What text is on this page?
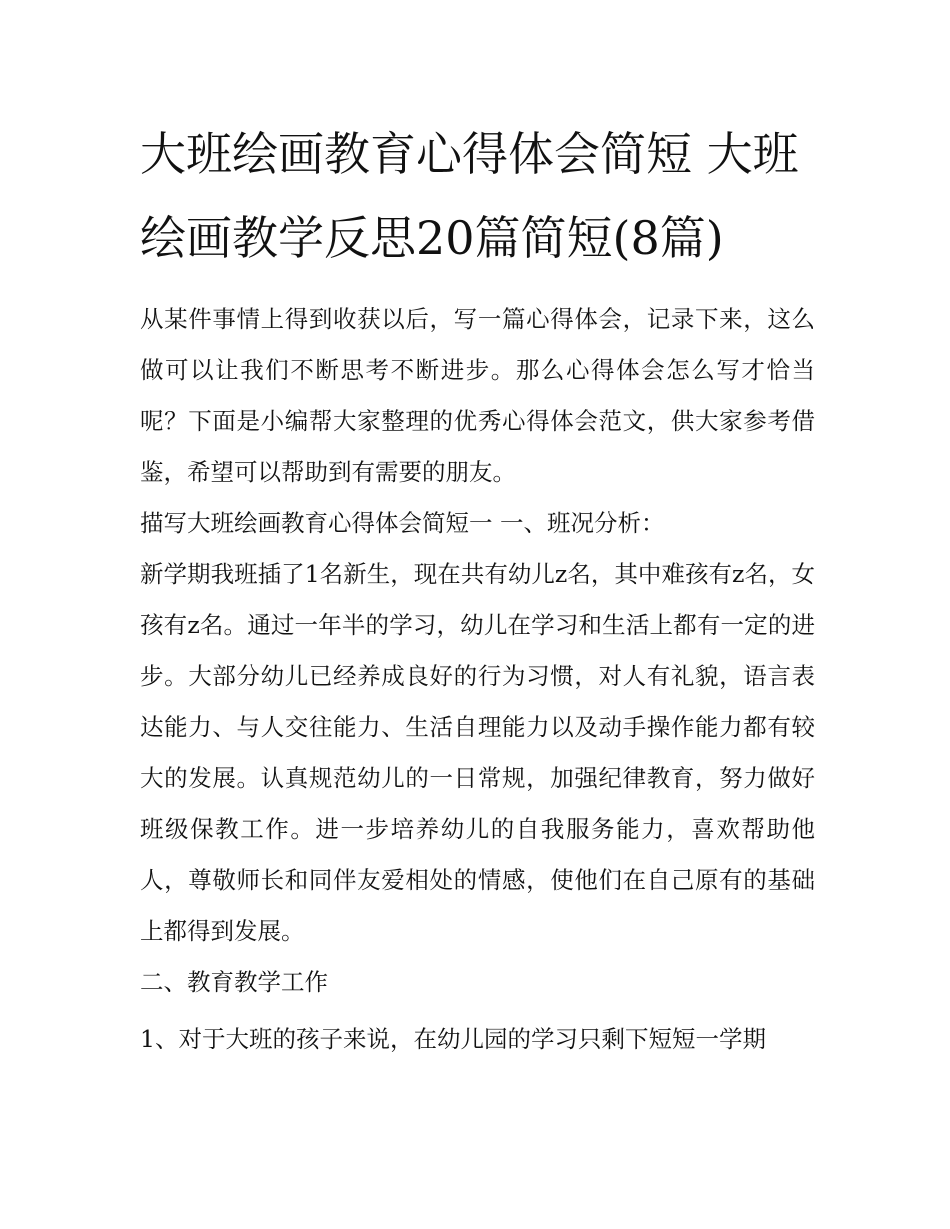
大班绘画教育心得体会简短 大班绘画教学反思20篇简短(8篇)

从某件事情上得到收获以后，写一篇心得体会，记录下来，这么做可以让我们不断思考不断进步。那么心得体会怎么写才恰当呢？下面是小编帮大家整理的优秀心得体会范文，供大家参考借鉴，希望可以帮助到有需要的朋友。

描写大班绘画教育心得体会简短一 一、班况分析：

新学期我班插了1名新生，现在共有幼儿z名，其中难孩有z名，女孩有z名。通过一年半的学习，幼儿在学习和生活上都有一定的进步。大部分幼儿已经养成良好的行为习惯，对人有礼貌，语言表达能力、与人交往能力、生活自理能力以及动手操作能力都有较大的发展。认真规范幼儿的一日常规，加强纪律教育，努力做好班级保教工作。进一步培养幼儿的自我服务能力，喜欢帮助他人，尊敬师长和同伴友爱相处的情感，使他们在自己原有的基础上都得到发展。

二、教育教学工作

1、对于大班的孩子来说，在幼儿园的学习只剩下短短一学期
